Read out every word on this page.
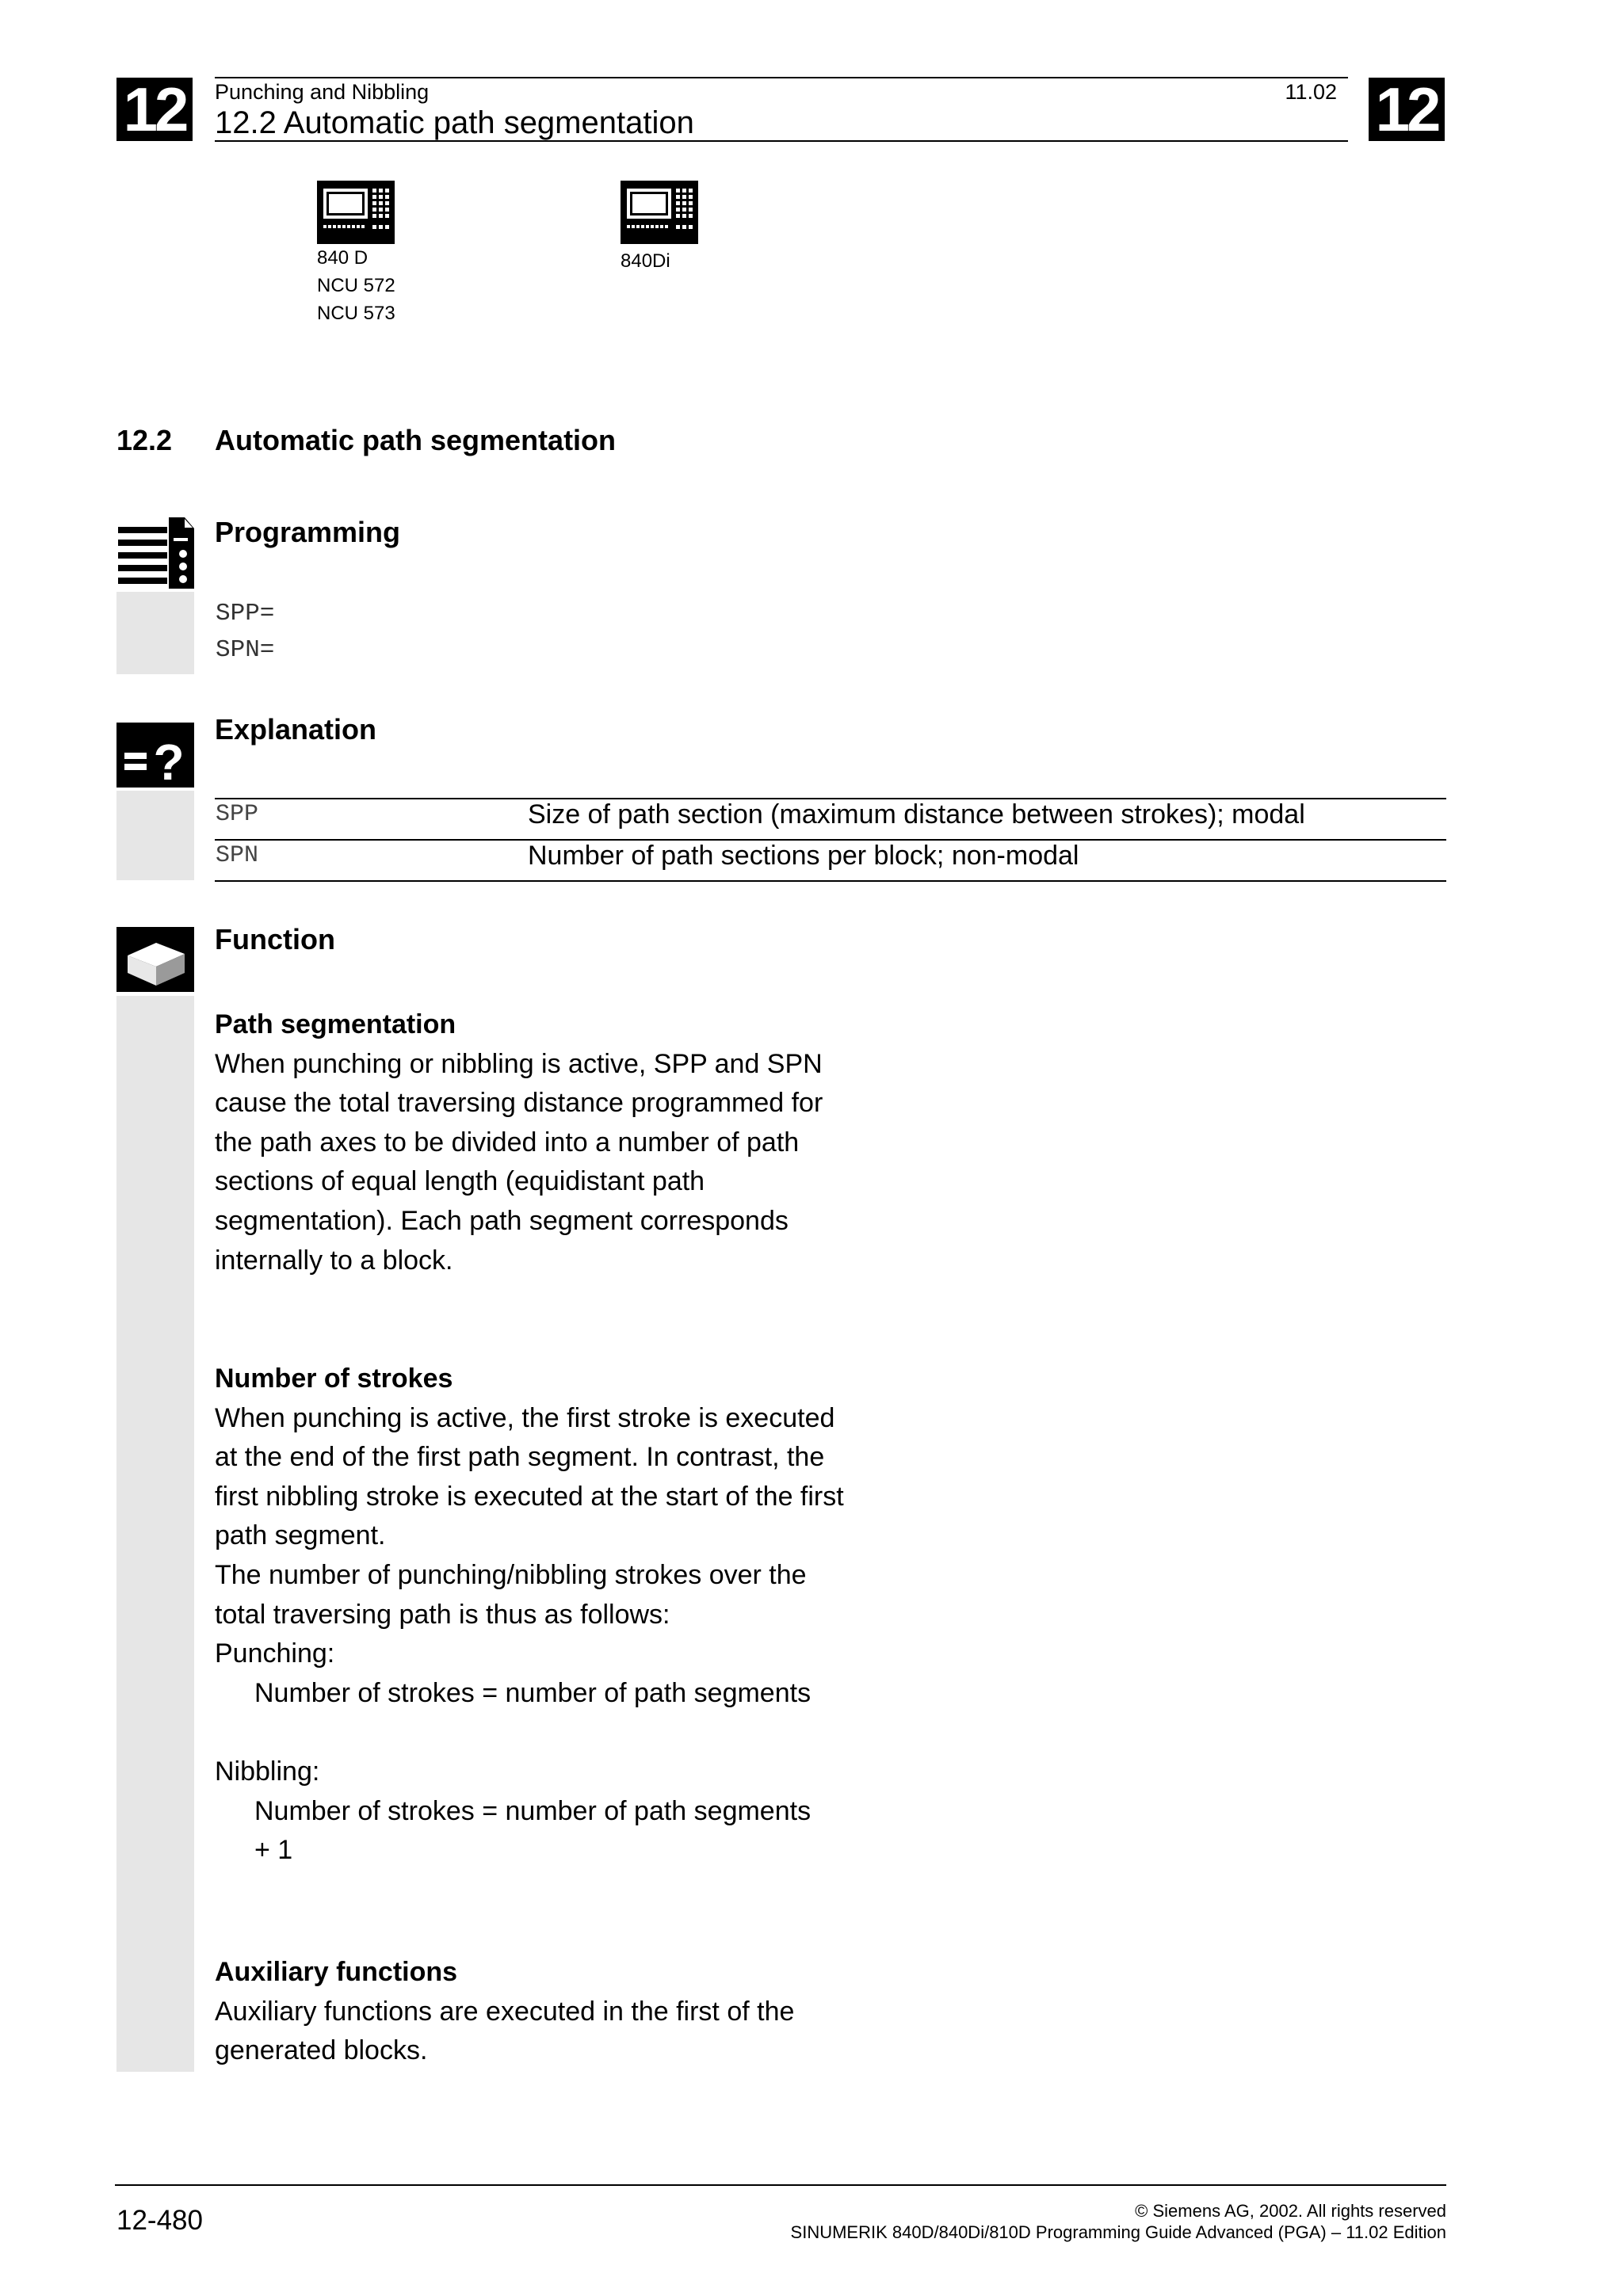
12	12
Punching and Nibbling	11.02
12.2 Automatic path segmentation
840 D
NCU 572
NCU 573
840Di
12.2 Automatic path segmentation
Programming
SPP=
SPN=
?
Explanation
SPP	Size of path section (maximum distance between strokes); modal
SPN	Number of path sections per block; non-modal
Function
Path segmentation
When punching or nibbling is active, SPP and SPN
cause the total traversing distance programmed for
the path axes to be divided into a number of path
sections of equal length (equidistant path
segmentation). Each path segment corresponds
internally to a block.
Number of strokes
When punching is active, the first stroke is executed
at the end of the first path segment. In contrast, the
first nibbling stroke is executed at the start of the first
path segment.
The number of punching/nibbling strokes over the
total traversing path is thus as follows:
Punching:
Number of strokes = number of path segments

Nibbling:
Number of strokes = number of path segments
+ 1
Auxiliary functions
Auxiliary functions are executed in the first of the
generated blocks.
12-480	© Siemens AG, 2002. All rights reserved
SINUMERIK 840D/840Di/810D Programming Guide Advanced (PGA) – 11.02 Edition
